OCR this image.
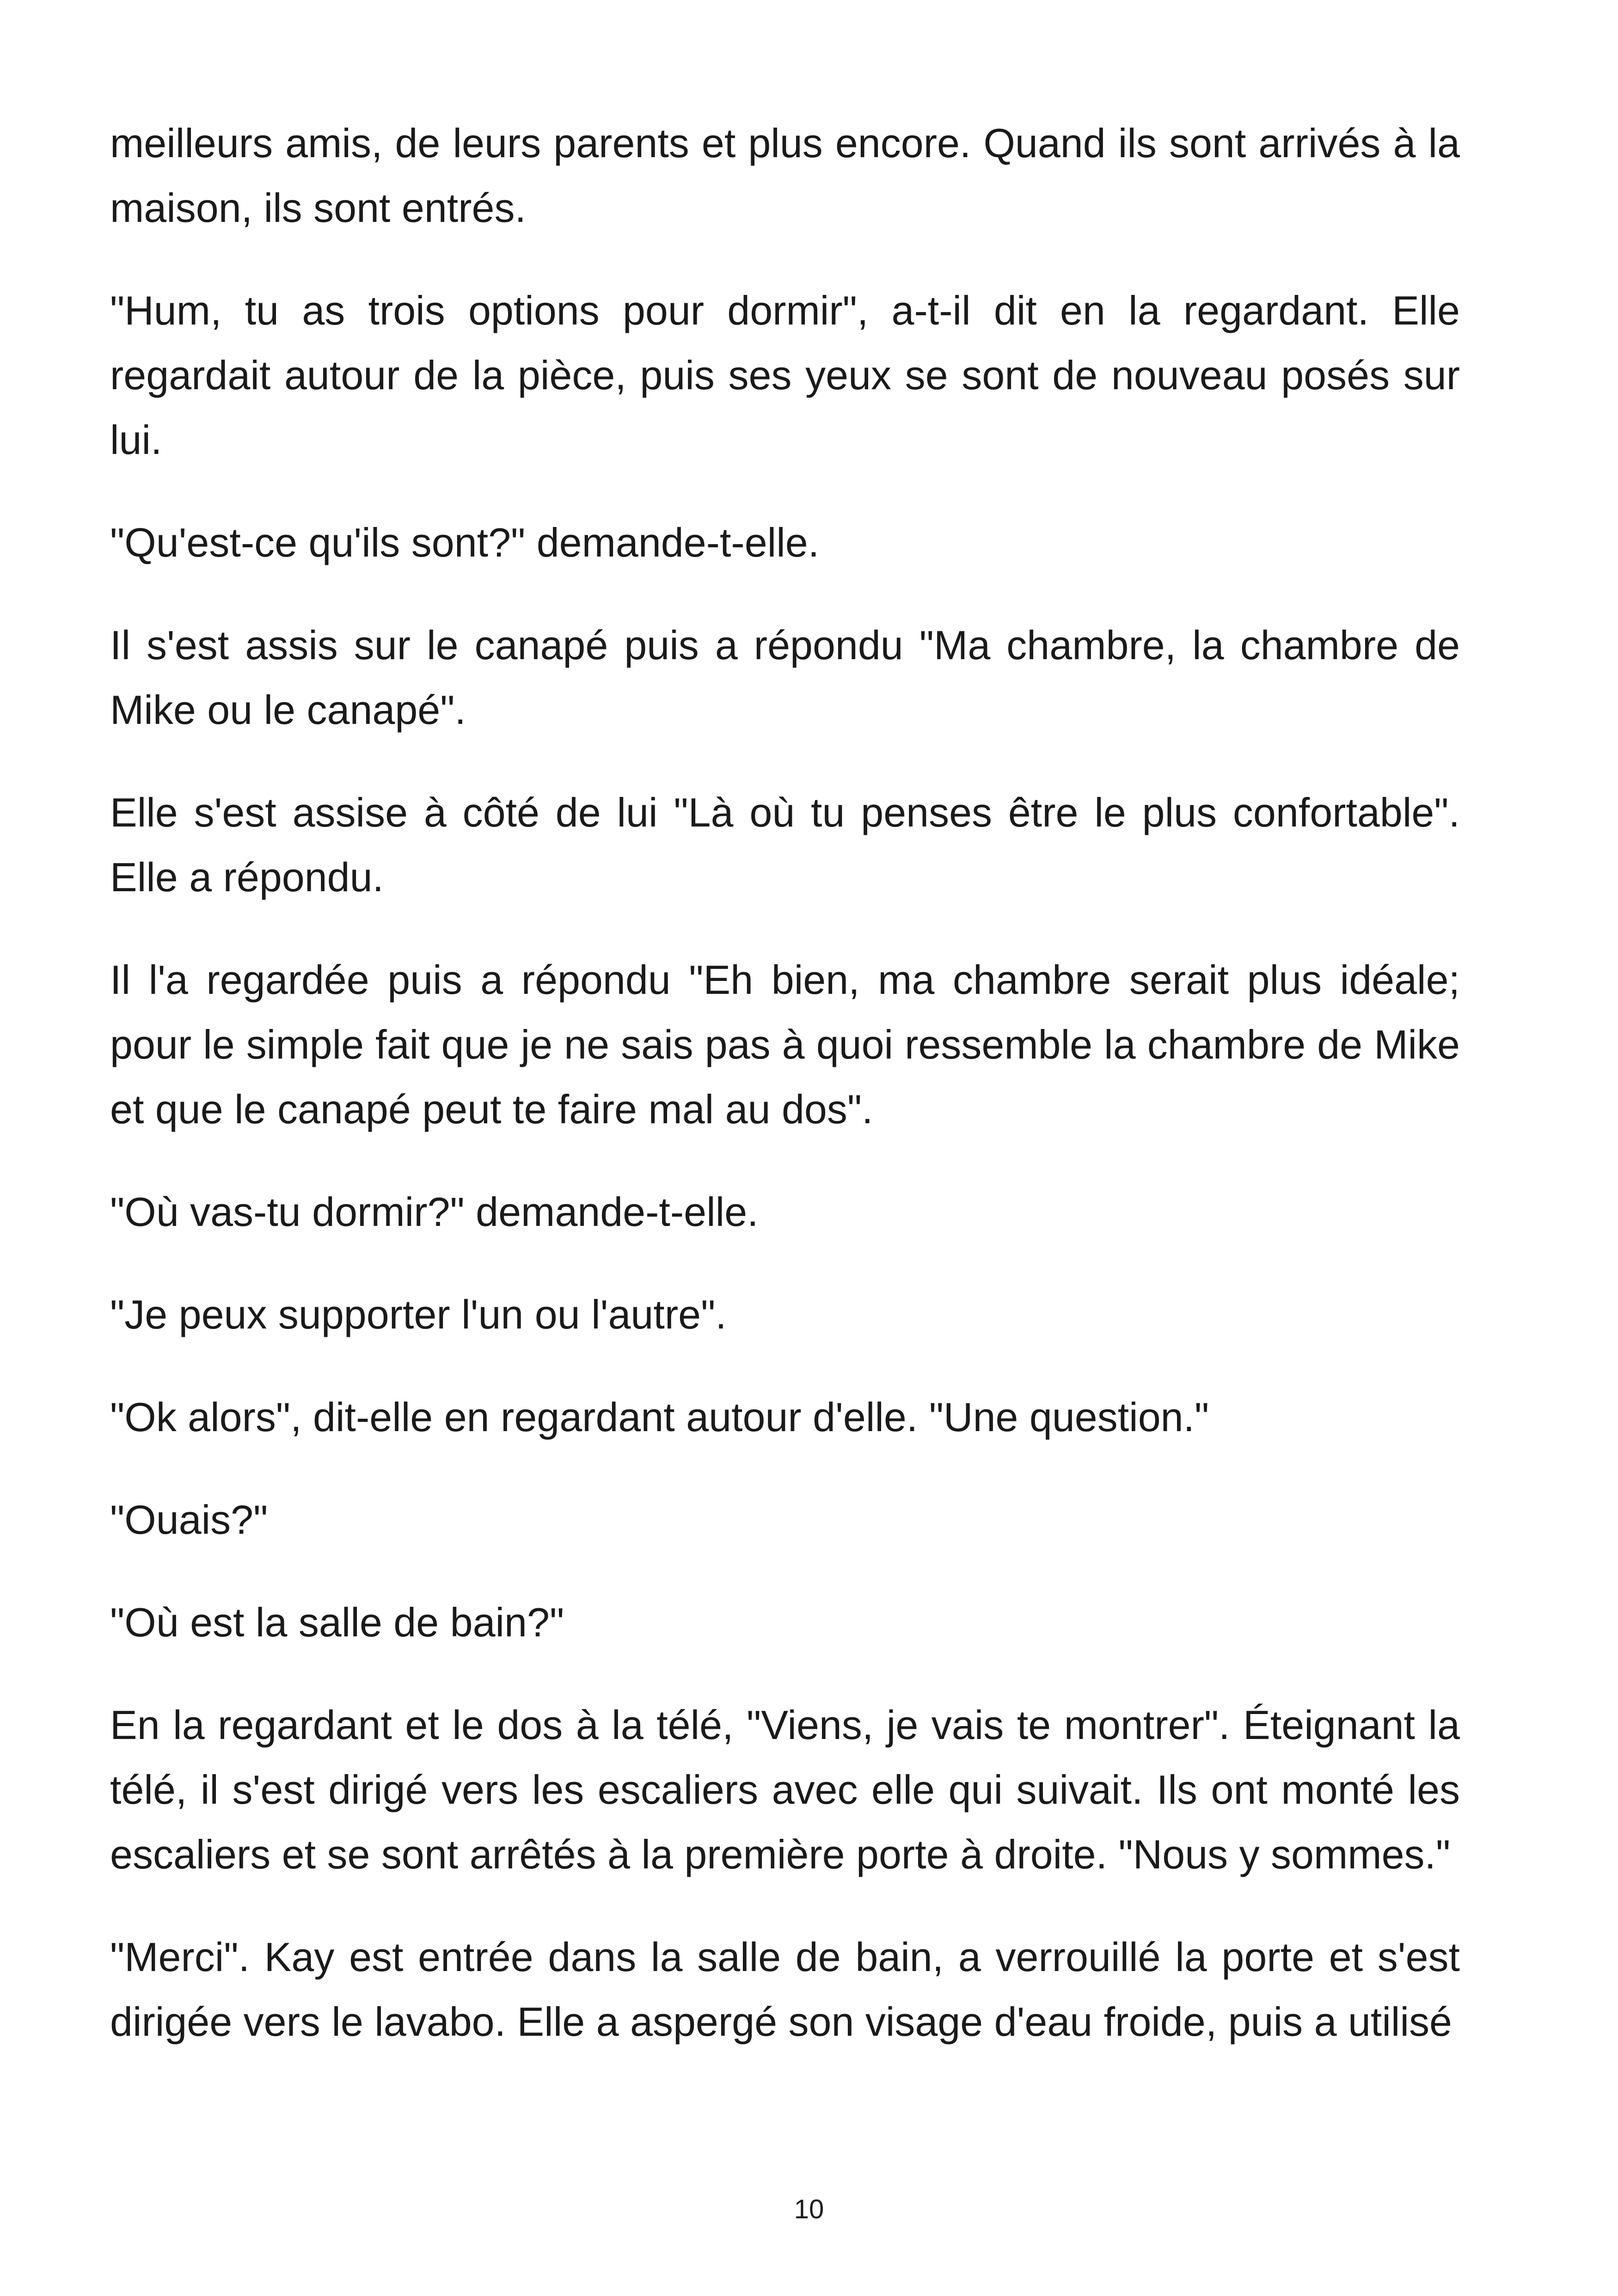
meilleurs amis, de leurs parents et plus encore. Quand ils sont arrivés à la maison, ils sont entrés.

"Hum, tu as trois options pour dormir", a-t-il dit en la regardant. Elle regardait autour de la pièce, puis ses yeux se sont de nouveau posés sur lui.

"Qu'est-ce qu'ils sont?" demande-t-elle.

Il s'est assis sur le canapé puis a répondu "Ma chambre, la chambre de Mike ou le canapé".

Elle s'est assise à côté de lui "Là où tu penses être le plus confortable". Elle a répondu.

Il l'a regardée puis a répondu "Eh bien, ma chambre serait plus idéale; pour le simple fait que je ne sais pas à quoi ressemble la chambre de Mike et que le canapé peut te faire mal au dos".

"Où vas-tu dormir?" demande-t-elle.

"Je peux supporter l'un ou l'autre".

"Ok alors", dit-elle en regardant autour d'elle. "Une question."

"Ouais?"

"Où est la salle de bain?"

En la regardant et le dos à la télé, "Viens, je vais te montrer". Éteignant la télé, il s'est dirigé vers les escaliers avec elle qui suivait. Ils ont monté les escaliers et se sont arrêtés à la première porte à droite. "Nous y sommes."

"Merci". Kay est entrée dans la salle de bain, a verrouillé la porte et s'est dirigée vers le lavabo. Elle a aspergé son visage d'eau froide, puis a utilisé

10
